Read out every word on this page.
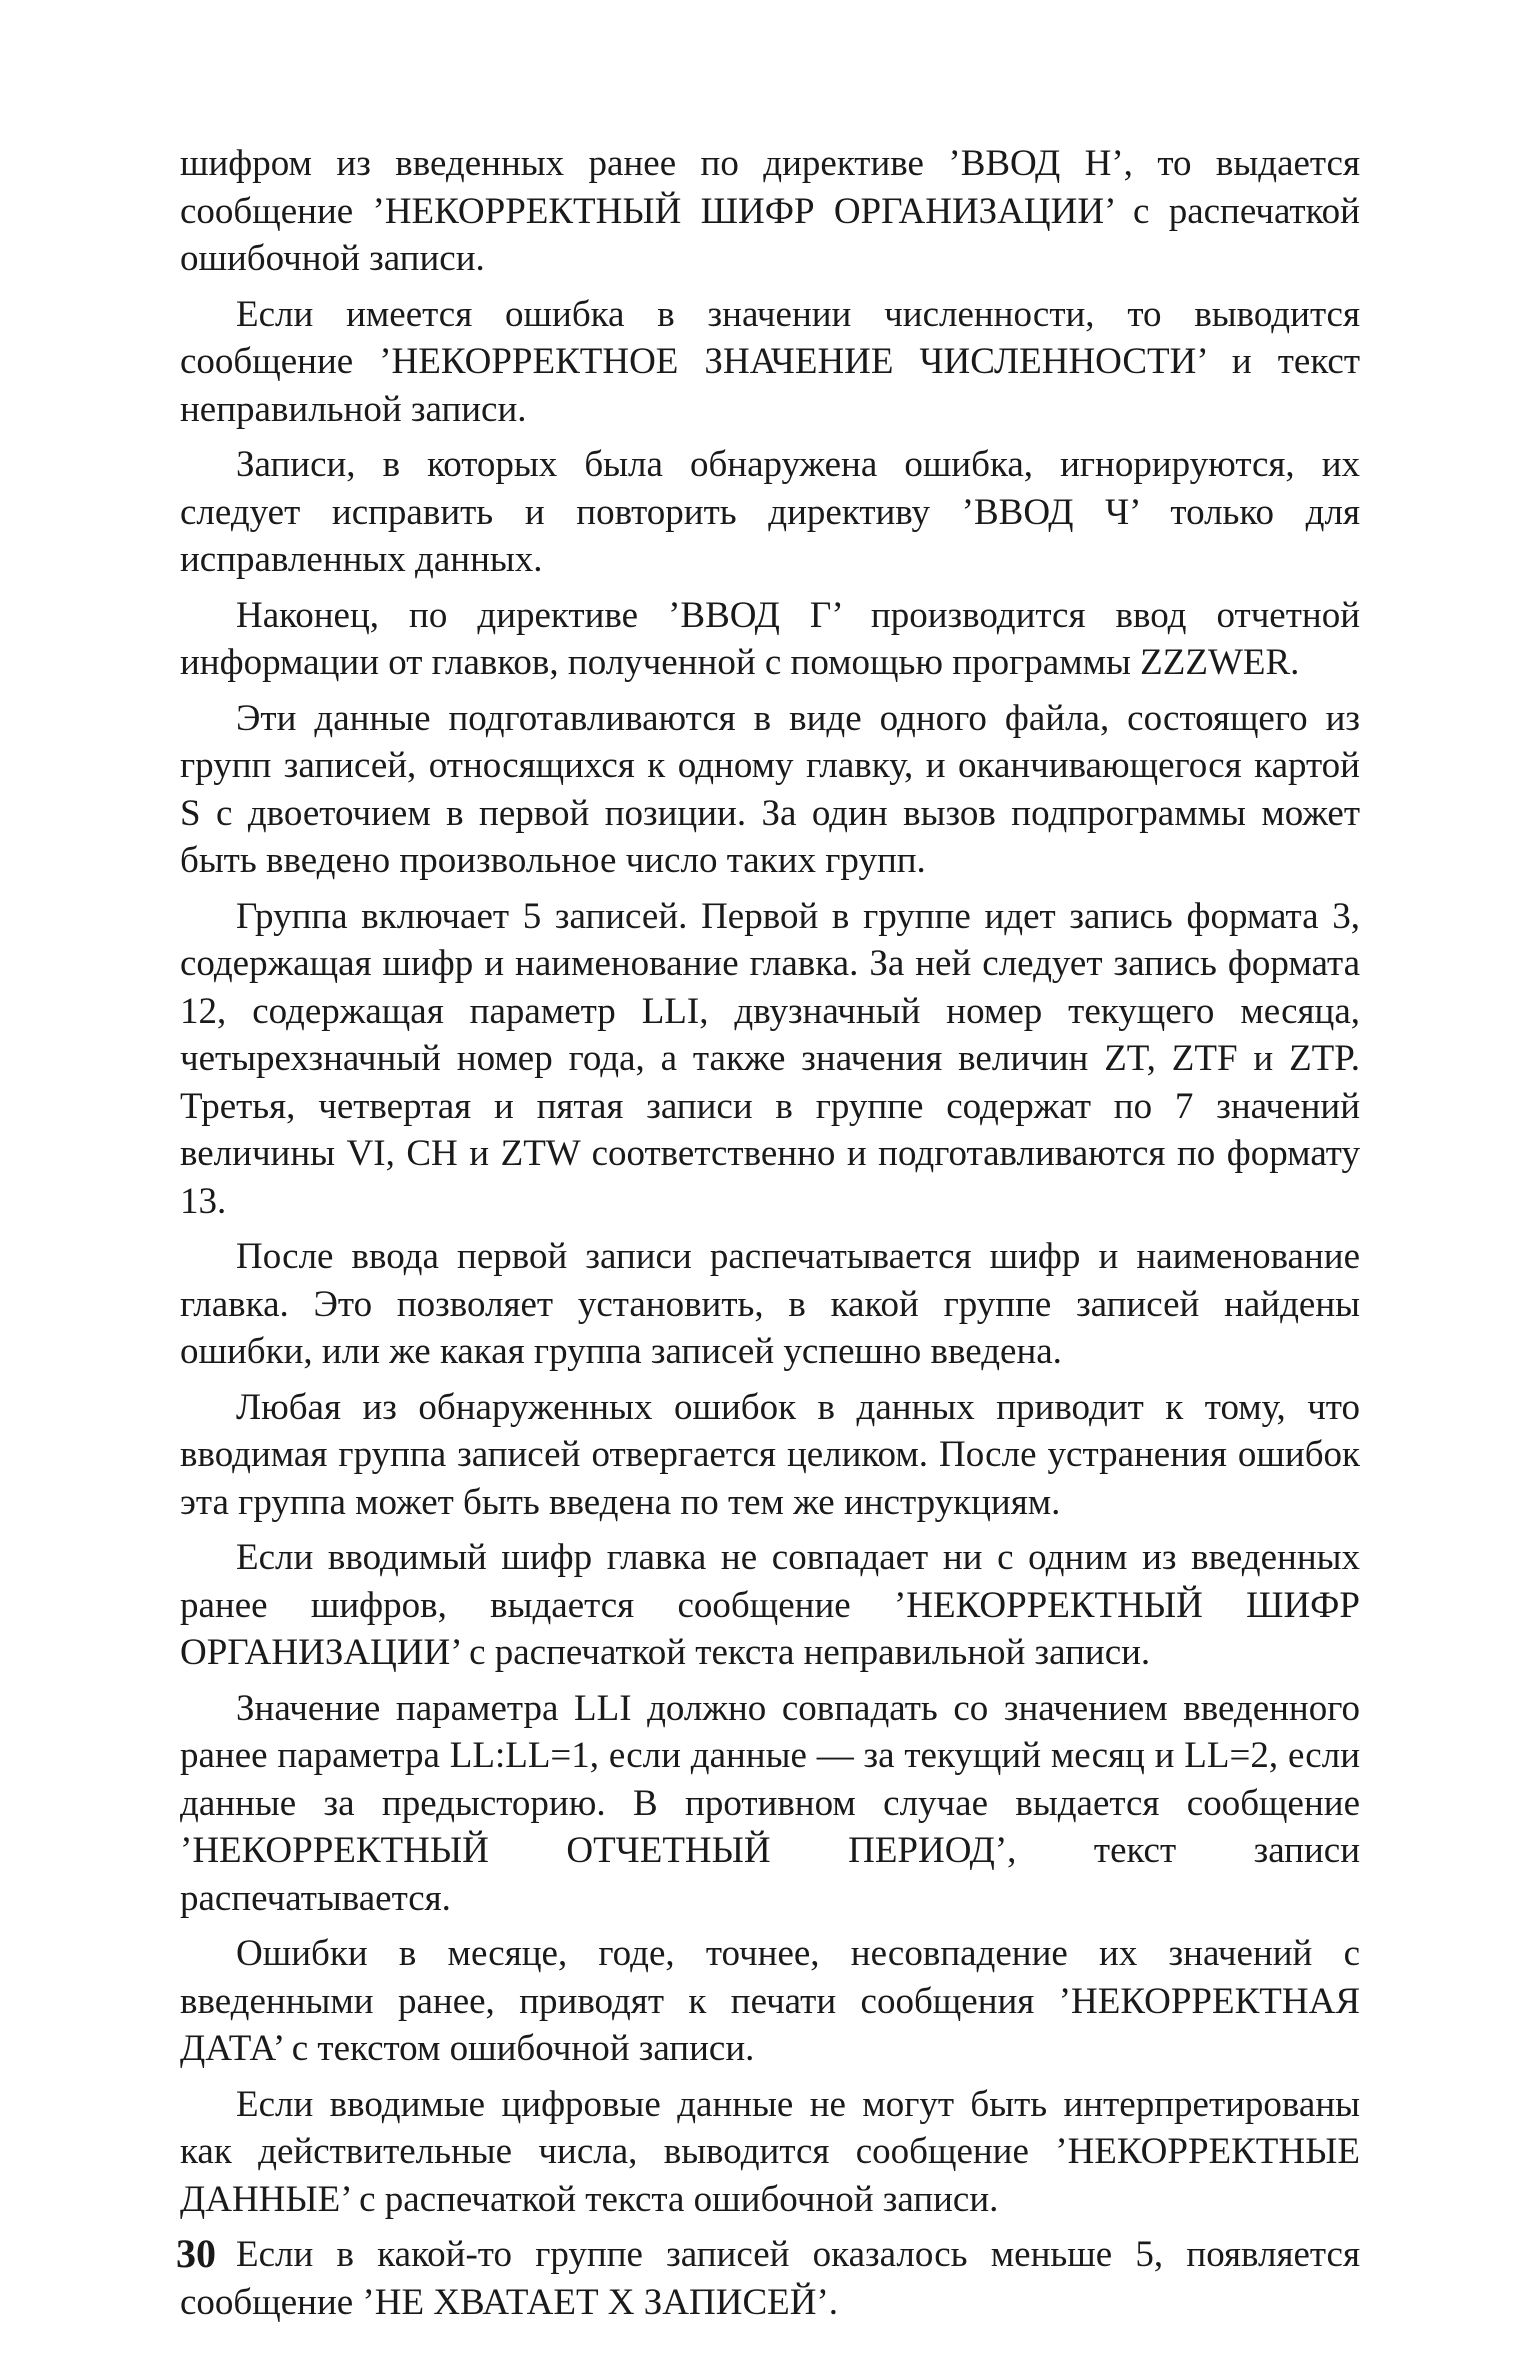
шифром из введенных ранее по директиве ’ВВОД Н’, то выдается сообщение ’НЕКОРРЕКТНЫЙ ШИФР ОРГАНИЗАЦИИ’ с распечаткой ошибочной записи.

Если имеется ошибка в значении численности, то выводится сообщение ’НЕКОРРЕКТНОЕ ЗНАЧЕНИЕ ЧИСЛЕННОСТИ’ и текст неправильной записи.

Записи, в которых была обнаружена ошибка, игнорируются, их следует исправить и повторить директиву ’ВВОД Ч’ только для исправленных данных.

Наконец, по директиве ’ВВОД Г’ производится ввод отчетной информации от главков, полученной с помощью программы ZZZWER.

Эти данные подготавливаются в виде одного файла, состоящего из групп записей, относящихся к одному главку, и оканчивающегося картой S с двоеточием в первой позиции. За один вызов подпрограммы может быть введено произвольное число таких групп.

Группа включает 5 записей. Первой в группе идет запись формата 3, содержащая шифр и наименование главка. За ней следует запись формата 12, содержащая параметр LLI, двузначный номер текущего месяца, четырехзначный номер года, а также значения величин ZT, ZTF и ZTP. Третья, четвертая и пятая записи в группе содержат по 7 значений величины VI, CH и ZTW соответственно и подготавливаются по формату 13.

После ввода первой записи распечатывается шифр и наименование главка. Это позволяет установить, в какой группе записей найдены ошибки, или же какая группа записей успешно введена.

Любая из обнаруженных ошибок в данных приводит к тому, что вводимая группа записей отвергается целиком. После устранения ошибок эта группа может быть введена по тем же инструкциям.

Если вводимый шифр главка не совпадает ни с одним из введенных ранее шифров, выдается сообщение ’НЕКОРРЕКТНЫЙ ШИФР ОРГАНИЗАЦИИ’ с распечаткой текста неправильной записи.

Значение параметра LLI должно совпадать со значением введенного ранее параметра LL:LL=1, если данные — за текущий месяц и LL=2, если данные за предысторию. В противном случае выдается сообщение ’НЕКОРРЕКТНЫЙ ОТЧЕТНЫЙ ПЕРИОД’, текст записи распечатывается.

Ошибки в месяце, годе, точнее, несовпадение их значений с введенными ранее, приводят к печати сообщения ’НЕКОРРЕКТНАЯ ДАТА’ с текстом ошибочной записи.

Если вводимые цифровые данные не могут быть интерпретированы как действительные числа, выводится сообщение ’НЕКОРРЕКТНЫЕ ДАННЫЕ’ с распечаткой текста ошибочной записи.

Если в какой-то группе записей оказалось меньше 5, появляется сообщение ’НЕ ХВАТАЕТ X ЗАПИСЕЙ’.

30
